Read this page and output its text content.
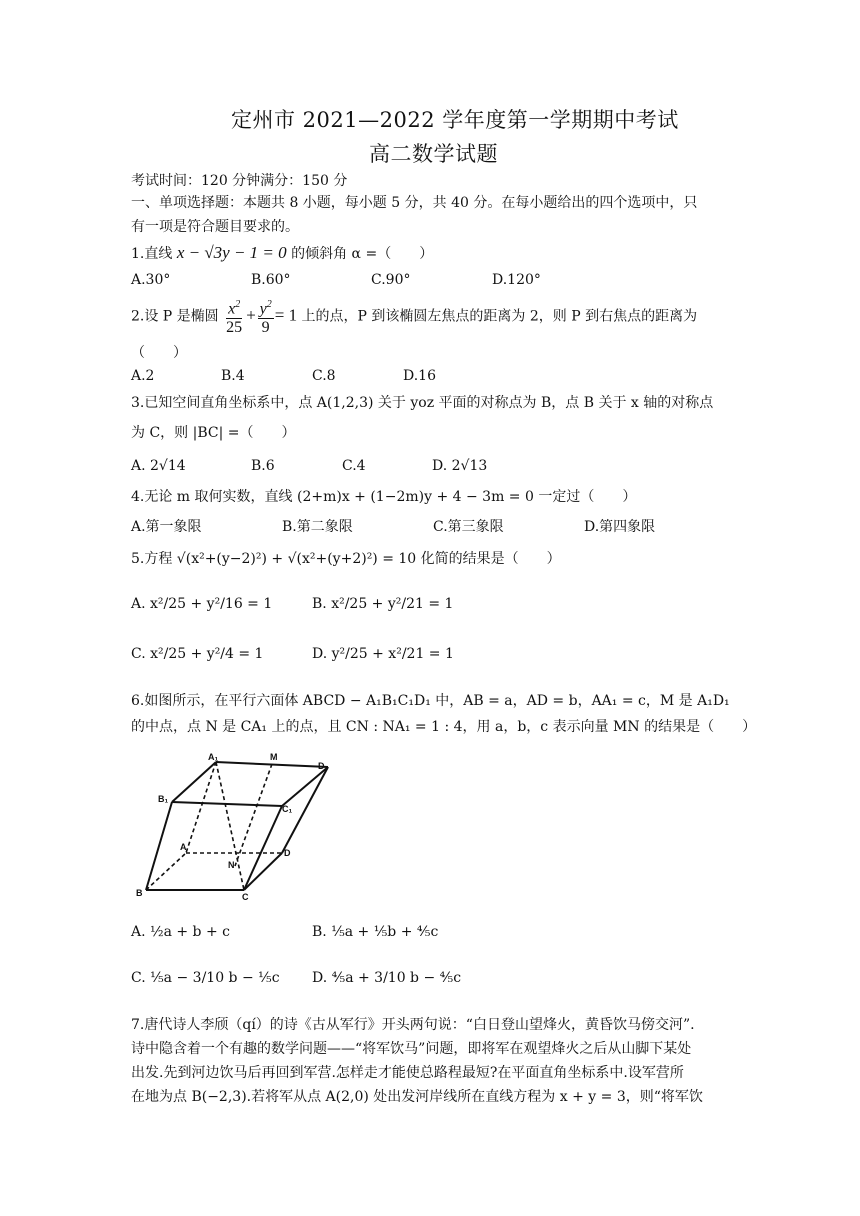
定州市 2021—2022 学年度第一学期期中考试
高二数学试题
考试时间：120 分钟满分：150 分
一、单项选择题：本题共 8 小题，每小题 5 分，共 40 分。在每小题给出的四个选项中，只
有一项是符合题目要求的。
1.直线 x − √3y − 1 = 0 的倾斜角 α =（　　）
A.30°	B.60°	C.90°	D.120°
2.设 P 是椭圆 $\frac{x^2}{25} + \frac{y^2}{9} = 1$ 上的点，P 到该椭圆左焦点的距离为 2，则 P 到右焦点的距离为
（　　）
A.2	B.4	C.8	D.16
3.已知空间直角坐标系中，点 A(1,2,3) 关于 yoz 平面的对称点为 B，点 B 关于 x 轴的对称点
为 C，则 |BC| =（　　）
A. 2√14	B.6	C.4	D. 2√13
4.无论 m 取何实数，直线 (2+m)x + (1−2m)y + 4 − 3m = 0 一定过（　　）
A.第一象限	B.第二象限	C.第三象限	D.第四象限
5.方程 √(x²+(y−2)²) + √(x²+(y+2)²) = 10 化简的结果是（　　）
A. x²/25 + y²/16 = 1	B. x²/25 + y²/21 = 1
C. x²/25 + y²/4 = 1	D. y²/25 + x²/21 = 1
6.如图所示，在平行六面体 ABCD − A₁B₁C₁D₁ 中，AB = a，AD = b，AA₁ = c，M 是 A₁D₁
的中点，点 N 是 CA₁ 上的点，且 CN : NA₁ = 1 : 4，用 a，b，c 表示向量 MN 的结果是（　　）
A₁	M
D₁
B₁
C₁
A
N
D
B	C
A. ½a + b + c	B. ⅕a + ⅕b + ⅘c
C. ⅕a − 3/10 b − ⅕c D. ⅘a + 3/10 b − ⅘c
7.唐代诗人李颀（qí）的诗《古从军行》开头两句说：“白日登山望烽火，黄昏饮马傍交河”.
诗中隐含着一个有趣的数学问题——“将军饮马”问题，即将军在观望烽火之后从山脚下某处
出发.先到河边饮马后再回到军营.怎样走才能使总路程最短?在平面直角坐标系中.设军营所
在地为点 B(−2,3).若将军从点 A(2,0) 处出发河岸线所在直线方程为 x + y = 3，则“将军饮
